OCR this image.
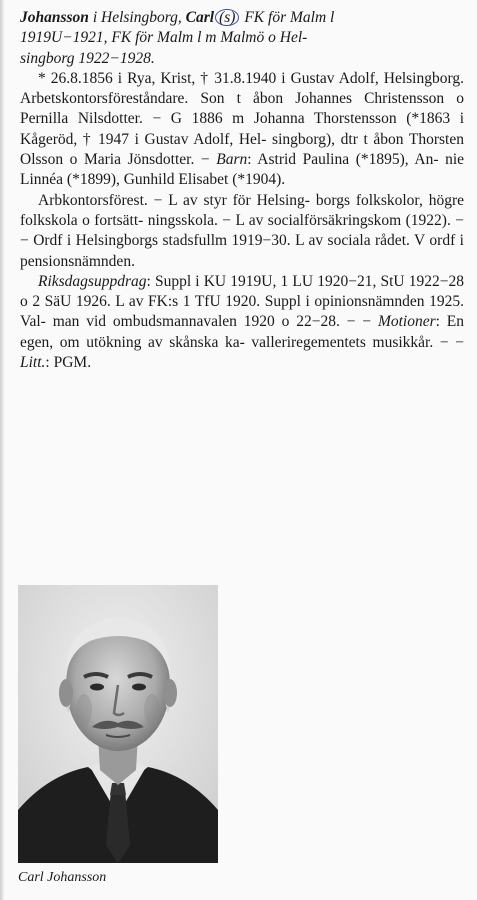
Johansson i Helsingborg, Carl (s) FK för Malm l
1919U−1921, FK för Malm l m Malmö o Hel-
singborg 1922−1928.

* 26.8.1856 i Rya, Krist, † 31.8.1940 i Gustav Adolf, Helsingborg. Arbetskontorsföreståndare. Son t åbon Johannes Christensson o Pernilla Nilsdotter. − G 1886 m Johanna Thorstensson (*1863 i Kågeröd, † 1947 i Gustav Adolf, Hel- singborg), dtr t åbon Thorsten Olsson o Maria Jönsdotter. − Barn: Astrid Paulina (*1895), An- nie Linnéa (*1899), Gunhild Elisabet (*1904).

Arbkontorsförest. − L av styr för Helsing- borgs folkskolor, högre folkskola o fortsätt- ningsskola. − L av socialförsäkringskom (1922). − − Ordf i Helsingborgs stadsfullm 1919−30. L av sociala rådet. V ordf i pensionsnämnden.

Riksdagsuppdrag: Suppl i KU 1919U, 1 LU 1920−21, StU 1922−28 o 2 SäU 1926. L av FK:s 1 TfU 1920. Suppl i opinionsnämnden 1925. Val- man vid ombudsmannavalen 1920 o 22−28. − − Motioner: En egen, om utökning av skånska ka- valleriregementets musikkår. − − Litt.: PGM.

Carl Johansson
